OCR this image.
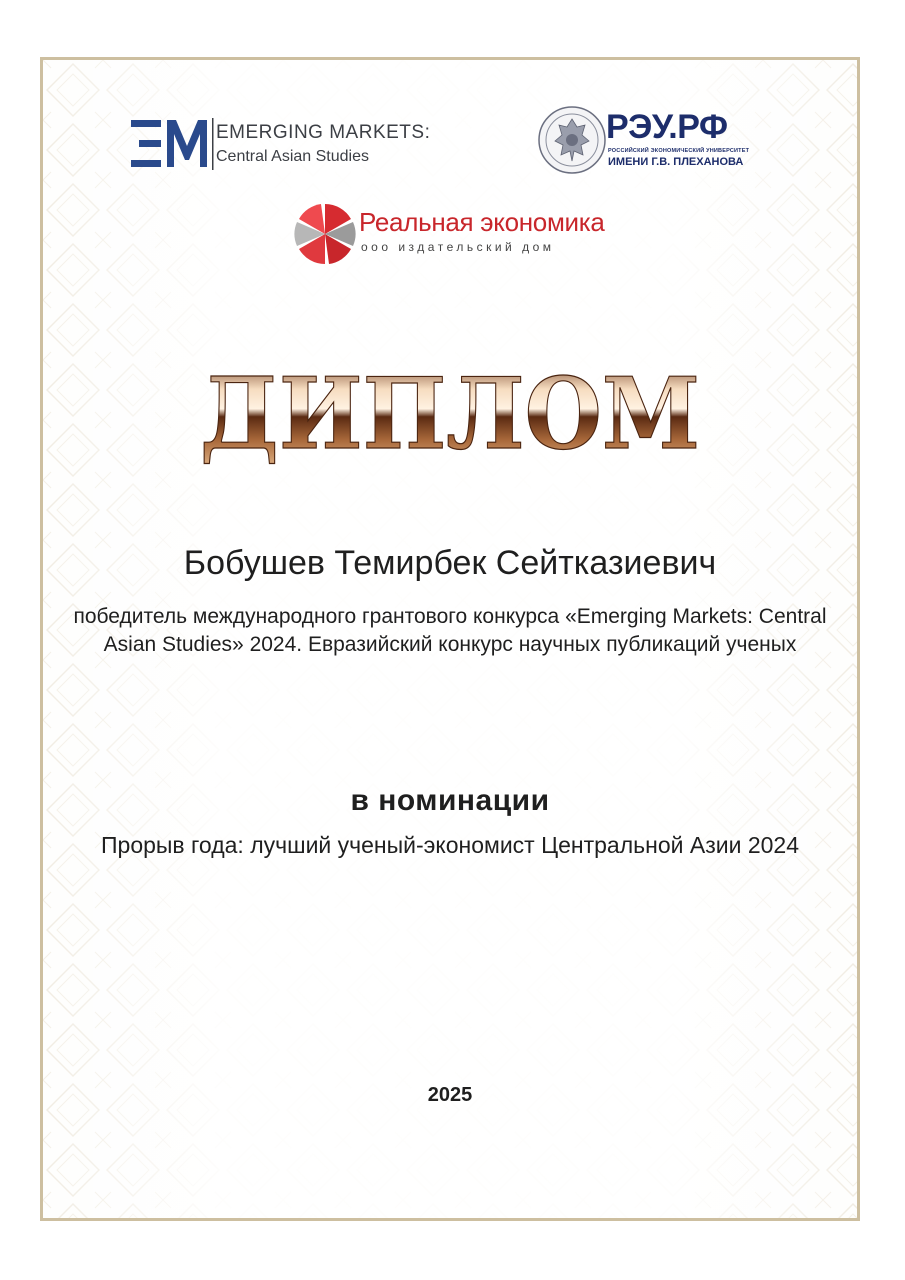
EMERGING MARKETS:
Central Asian Studies
РЭУ.РФ
РОССИЙСКИЙ ЭКОНОМИЧЕСКИЙ УНИВЕРСИТЕТ
ИМЕНИ Г.В. ПЛЕХАНОВА
Реальная экономика
ооо издательский дом
ДИПЛОМ
Бобушев Темирбек Сейтказиевич
победитель международного грантового конкурса «Emerging Markets: Central Asian Studies» 2024. Евразийский конкурс научных публикаций ученых
в номинации
Прорыв года: лучший ученый-экономист Центральной Азии 2024
2025
